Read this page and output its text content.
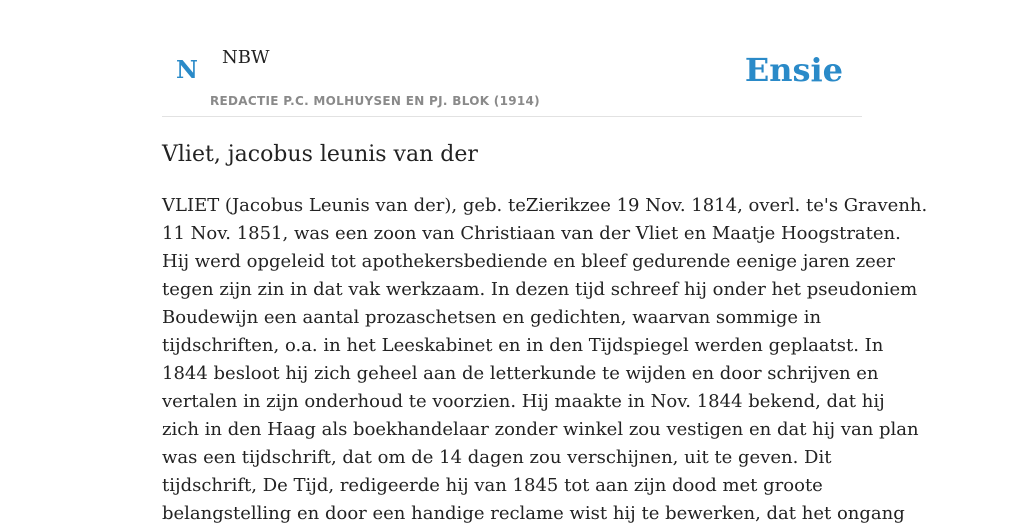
N NBW
REDACTIE P.C. MOLHUYSEN EN PJ. BLOK (1914)
Ensie
Vliet, jacobus leunis van der
VLIET (Jacobus Leunis van der), geb. teZierikzee 19 Nov. 1814, overl. te's Gravenh.
11 Nov. 1851, was een zoon van Christiaan van der Vliet en Maatje Hoogstraten.
Hij werd opgeleid tot apothekersbediende en bleef gedurende eenige jaren zeer
tegen zijn zin in dat vak werkzaam. In dezen tijd schreef hij onder het pseudoniem
Boudewijn een aantal prozaschetsen en gedichten, waarvan sommige in
tijdschriften, o.a. in het Leeskabinet en in den Tijdspiegel werden geplaatst. In
1844 besloot hij zich geheel aan de letterkunde te wijden en door schrijven en
vertalen in zijn onderhoud te voorzien. Hij maakte in Nov. 1844 bekend, dat hij
zich in den Haag als boekhandelaar zonder winkel zou vestigen en dat hij van plan
was een tijdschrift, dat om de 14 dagen zou verschijnen, uit te geven. Dit
tijdschrift, De Tijd, redigeerde hij van 1845 tot aan zijn dood met groote
belangstelling en door een handige reclame wist hij te bewerken, dat het ongang
